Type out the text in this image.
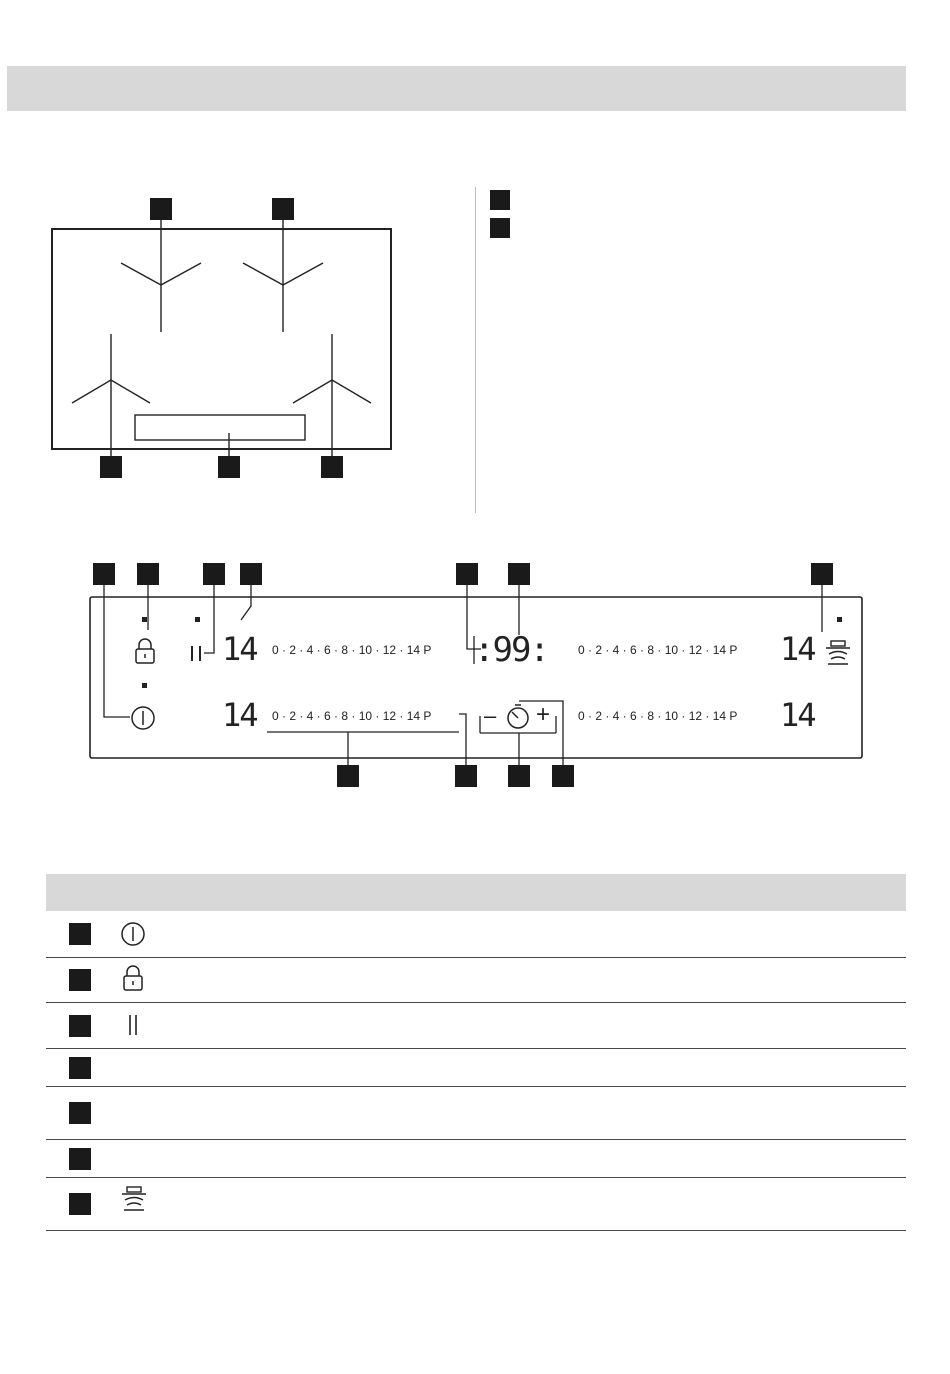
14
14
14
14
:99:
0 · 2 · 4 · 6 · 8 · 10 · 12 · 14 P
0 · 2 · 4 · 6 · 8 · 10 · 12 · 14 P
0 · 2 · 4 · 6 · 8 · 10 · 12 · 14 P
0 · 2 · 4 · 6 · 8 · 10 · 12 · 14 P
– +
